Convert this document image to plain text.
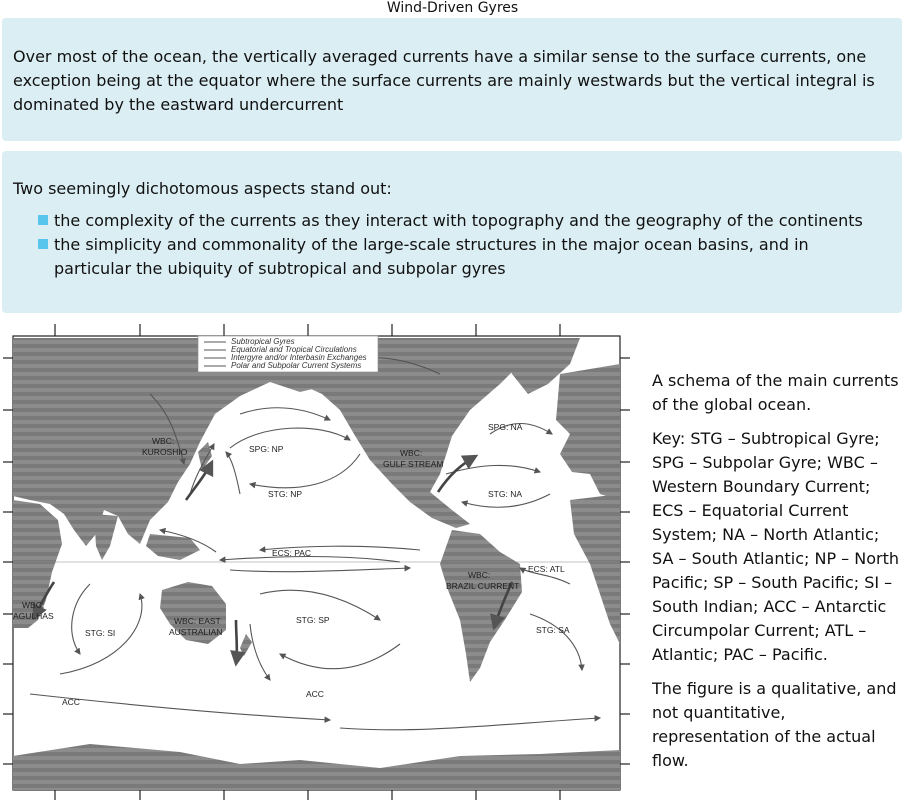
Wind-Driven Gyres
Over most of the ocean, the vertically averaged currents have a similar sense to the surface currents, one exception being at the equator where the surface currents are mainly westwards but the vertical integral is dominated by the eastward undercurrent
Two seemingly dichotomous aspects stand out:
the complexity of the currents as they interact with topography and the geography of the continents
the simplicity and commonality of the large-scale structures in the major ocean basins, and in particular the ubiquity of subtropical and subpolar gyres
Subtropical Gyres
Equatorial and Tropical Circulations
Intergyre and/or Interbasin Exchanges
Polar and Subpolar Current Systems
WBC:
KUROSHIO	SPG: NP
STG: NP
WBC:
GULF STREAM
SPG: NA
STG: NA
ECS: PAC
ECS: ATL
WBC:
BRAZIL CURRENT
WBC:
AGULHAS
STG: SI
WBC: EAST
AUSTRALIAN
STG: SP
STG: SA
ACC
ACC

A schema of the main currents of the global ocean.

Key: STG – Subtropical Gyre; SPG – Subpolar Gyre; WBC – Western Boundary Current; ECS – Equatorial Current System; NA – North Atlantic; SA – South Atlantic; NP – North Pacific; SP – South Pacific; SI – South Indian; ACC – Antarctic Circumpolar Current; ATL – Atlantic; PAC – Pacific.

The figure is a qualitative, and not quantitative, representation of the actual flow.
